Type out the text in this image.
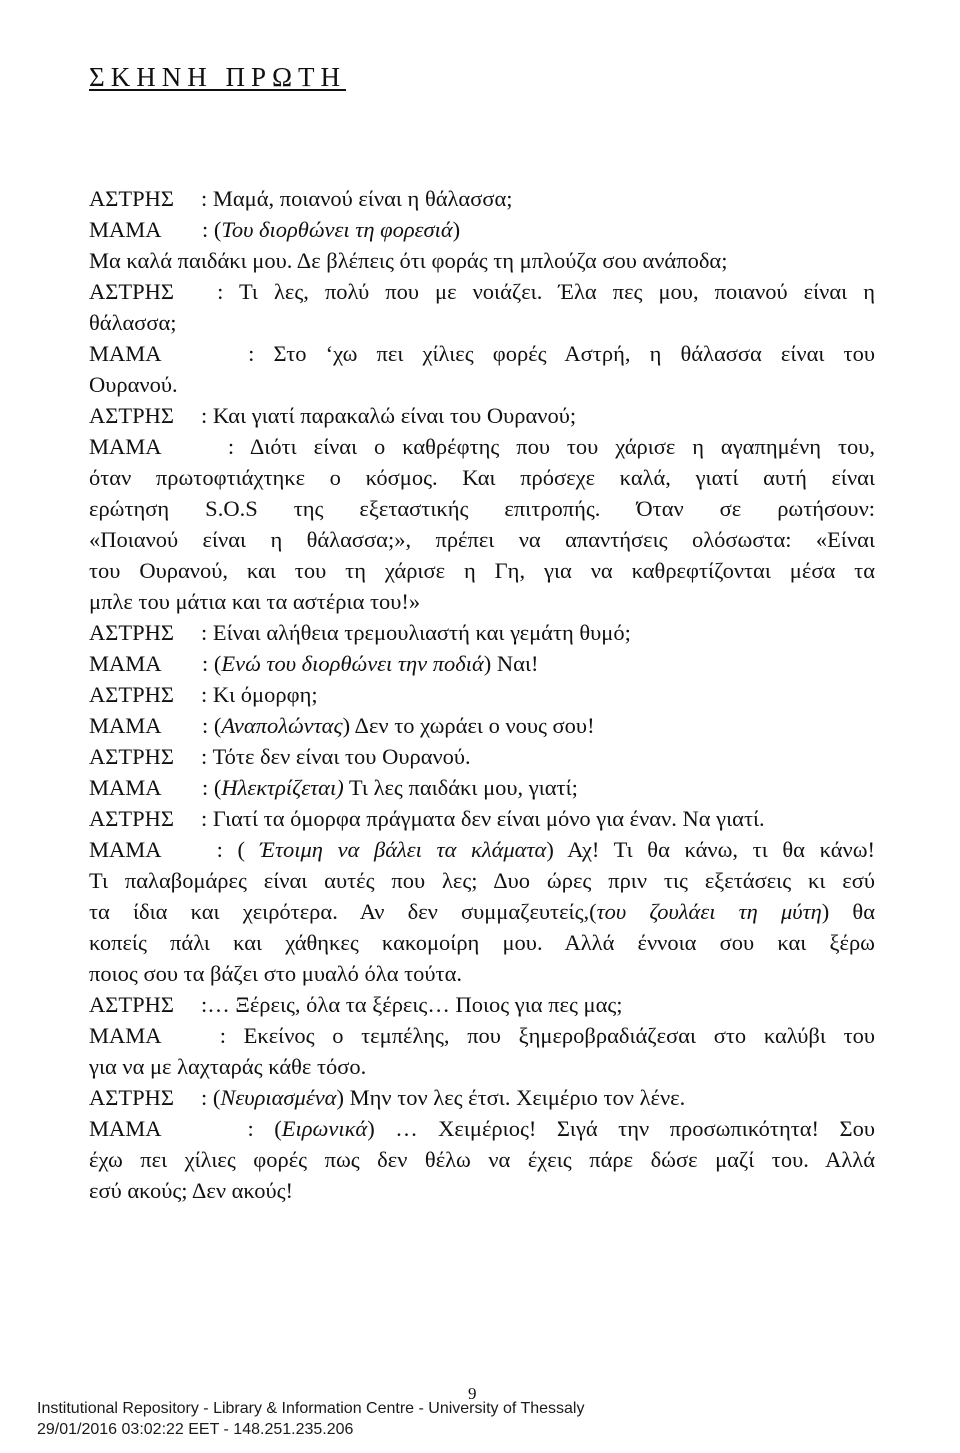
ΣΚΗΝΗ ΠΡΩΤΗ
ΑΣΤΡΗΣ : Μαμά, ποιανού είναι η θάλασσα;
ΜΑΜΑ : (Του διορθώνει τη φορεσιά)
Μα καλά παιδάκι μου. Δε βλέπεις ότι φοράς τη μπλούζα σου ανάποδα;
ΑΣΤΡΗΣ : Τι λες, πολύ που με νοιάζει. Έλα πες μου, ποιανού είναι η
θάλασσα;
ΜΑΜΑ	: Στο ‘χω πει χίλιες φορές Αστρή, η θάλασσα είναι του
Ουρανού.
ΑΣΤΡΗΣ : Και γιατί παρακαλώ είναι του Ουρανού;
ΜΑΜΑ	: Διότι είναι ο καθρέφτης που του χάρισε η αγαπημένη του,
όταν πρωτοφτιάχτηκε ο κόσμος. Και πρόσεχε καλά, γιατί αυτή είναι
ερώτηση S.O.S της εξεταστικής επιτροπής. Όταν σε ρωτήσουν:
«Ποιανού είναι η θάλασσα;», πρέπει να απαντήσεις ολόσωστα: «Είναι
του Ουρανού, και του τη χάρισε η Γη, για να καθρεφτίζονται μέσα τα
μπλε του μάτια και τα αστέρια του!»
ΑΣΤΡΗΣ : Είναι αλήθεια τρεμουλιαστή και γεμάτη θυμό;
ΜΑΜΑ : (Ενώ του διορθώνει την ποδιά) Ναι!
ΑΣΤΡΗΣ : Κι όμορφη;
ΜΑΜΑ : (Αναπολώντας) Δεν το χωράει ο νους σου!
ΑΣΤΡΗΣ : Τότε δεν είναι του Ουρανού.
ΜΑΜΑ : (Ηλεκτρίζεται) Τι λες παιδάκι μου, γιατί;
ΑΣΤΡΗΣ : Γιατί τα όμορφα πράγματα δεν είναι μόνο για έναν. Να γιατί.
ΜΑΜΑ : ( Έτοιμη να βάλει τα κλάματα) Αχ! Τι θα κάνω, τι θα κάνω!
Τι παλαβομάρες είναι αυτές που λες; Δυο ώρες πριν τις εξετάσεις κι εσύ
τα ίδια και χειρότερα. Αν δεν συμμαζευτείς,(του ζουλάει τη μύτη) θα
κοπείς πάλι και χάθηκες κακομοίρη μου. Αλλά έννοια σου και ξέρω
ποιος σου τα βάζει στο μυαλό όλα τούτα.
ΑΣΤΡΗΣ :… Ξέρεις, όλα τα ξέρεις… Ποιος για πες μας;
ΜΑΜΑ	: Εκείνος ο τεμπέλης, που ξημεροβραδιάζεσαι στο καλύβι του
για να με λαχταράς κάθε τόσο.
ΑΣΤΡΗΣ : (Νευριασμένα) Μην τον λες έτσι. Χειμέριο τον λένε.
ΜΑΜΑ	: (Ειρωνικά) … Χειμέριος! Σιγά την προσωπικότητα! Σου
έχω πει χίλιες φορές πως δεν θέλω να έχεις πάρε δώσε μαζί του. Αλλά
εσύ ακούς; Δεν ακούς!
9
Institutional Repository - Library & Information Centre - University of Thessaly
29/01/2016 03:02:22 EET - 148.251.235.206
